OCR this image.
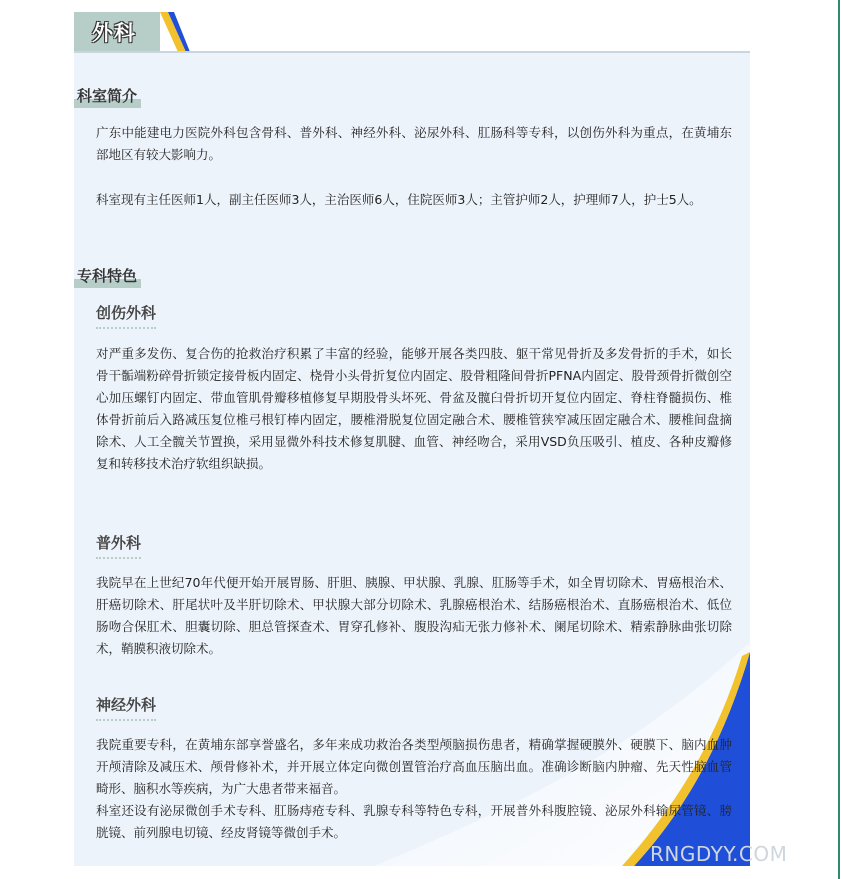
外科
科室简介

广东中能建电力医院外科包含骨科、普外科、神经外科、泌尿外科、肛肠科等专科，以创伤外科为重点，在黄埔东部地区有较大影响力。

科室现有主任医师1人，副主任医师3人，主治医师6人，住院医师3人；主管护师2人，护理师7人，护士5人。

专科特色
创伤外科

对严重多发伤、复合伤的抢救治疗积累了丰富的经验，能够开展各类四肢、躯干常见骨折及多发骨折的手术，如长骨干骺端粉碎骨折锁定接骨板内固定、桡骨小头骨折复位内固定、股骨粗隆间骨折PFNA内固定、股骨颈骨折微创空心加压螺钉内固定、带血管肌骨瓣移植修复早期股骨头坏死、骨盆及髋臼骨折切开复位内固定、脊柱脊髓损伤、椎体骨折前后入路减压复位椎弓根钉棒内固定，腰椎滑脱复位固定融合术、腰椎管狭窄减压固定融合术、腰椎间盘摘除术、人工全髋关节置换，采用显微外科技术修复肌腱、血管、神经吻合，采用VSD负压吸引、植皮、各种皮瓣修复和转移技术治疗软组织缺损。

普外科

我院早在上世纪70年代便开始开展胃肠、肝胆、胰腺、甲状腺、乳腺、肛肠等手术，如全胃切除术、胃癌根治术、肝癌切除术、肝尾状叶及半肝切除术、甲状腺大部分切除术、乳腺癌根治术、结肠癌根治术、直肠癌根治术、低位肠吻合保肛术、胆囊切除、胆总管探查术、胃穿孔修补、腹股沟疝无张力修补术、阑尾切除术、精索静脉曲张切除术，鞘膜积液切除术。

神经外科

我院重要专科，在黄埔东部享誉盛名，多年来成功救治各类型颅脑损伤患者，精确掌握硬膜外、硬膜下、脑内血肿开颅清除及减压术、颅骨修补术，并开展立体定向微创置管治疗高血压脑出血。准确诊断脑内肿瘤、先天性脑血管畸形、脑积水等疾病，为广大患者带来福音。

科室还设有泌尿微创手术专科、肛肠痔疮专科、乳腺专科等特色专科，开展普外科腹腔镜、泌尿外科输尿管镜、膀胱镜、前列腺电切镜、经皮肾镜等微创手术。

RNGDYY.COM
